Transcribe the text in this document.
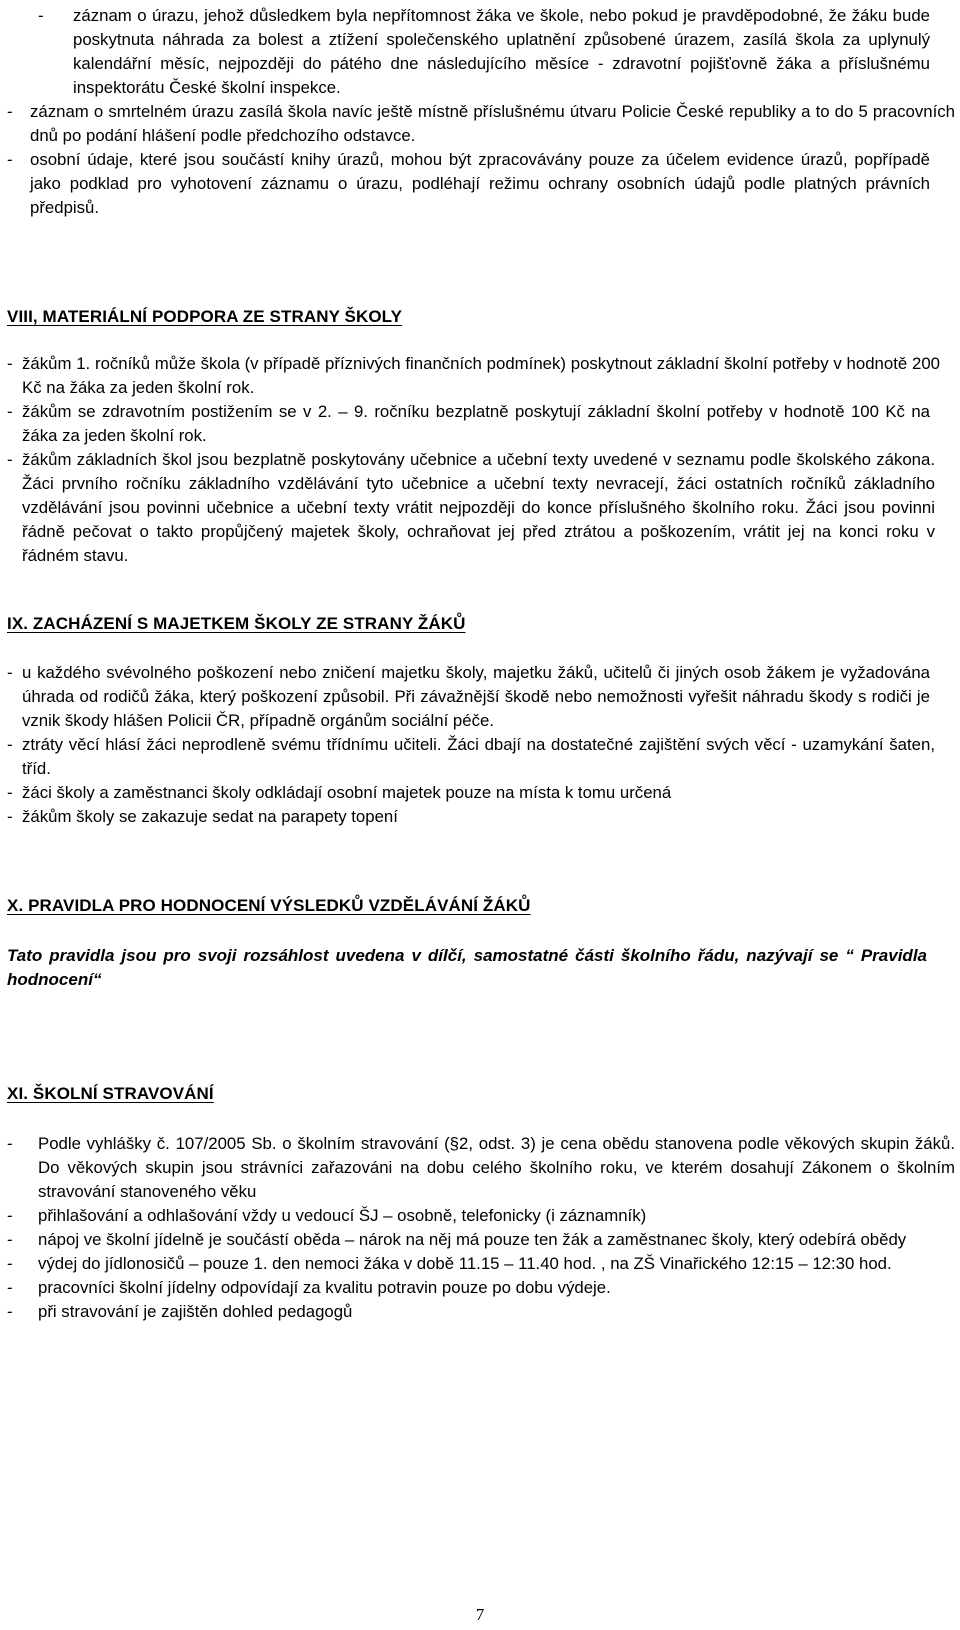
- záznam o úrazu, jehož důsledkem byla nepřítomnost žáka ve škole, nebo pokud je pravděpodobné, že žáku bude poskytnuta náhrada za bolest a ztížení společenského uplatnění způsobené úrazem, zasílá škola za uplynulý kalendářní měsíc, nejpozději do pátého dne následujícího měsíce - zdravotní pojišťovně žáka a příslušnému inspektorátu České školní inspekce.
- záznam o smrtelném úrazu zasílá škola navíc ještě místně příslušnému útvaru Policie České republiky a to do 5 pracovních dnů po podání hlášení podle předchozího odstavce.
- osobní údaje, které jsou součástí knihy úrazů, mohou být zpracovávány pouze za účelem evidence úrazů, popřípadě jako podklad pro vyhotovení záznamu o úrazu, podléhají režimu ochrany osobních údajů podle platných právních předpisů.
VIII, MATERIÁLNÍ PODPORA ZE STRANY ŠKOLY
- žákům 1. ročníků může škola (v případě příznivých finančních podmínek) poskytnout základní školní potřeby v hodnotě 200 Kč na žáka za jeden školní rok.
- žákům se zdravotním postižením se v 2. – 9. ročníku bezplatně poskytují základní školní potřeby v hodnotě 100 Kč na žáka za jeden školní rok.
- žákům základních škol jsou bezplatně poskytovány učebnice a učební texty uvedené v seznamu podle školského zákona. Žáci prvního ročníku základního vzdělávání tyto učebnice a učební texty nevracejí, žáci ostatních ročníků základního vzdělávání jsou povinni učebnice a učební texty vrátit nejpozději do konce příslušného školního roku. Žáci jsou povinni řádně pečovat o takto propůjčený majetek školy, ochraňovat jej před ztrátou a poškozením, vrátit jej na konci roku v řádném stavu.
IX. ZACHÁZENÍ S MAJETKEM ŠKOLY ZE STRANY ŽÁKŮ
- u každého svévolného poškození nebo zničení majetku školy, majetku žáků, učitelů či jiných osob žákem je vyžadována úhrada od rodičů žáka, který poškození způsobil. Při závažnější škodě nebo nemožnosti vyřešit náhradu škody s rodiči je vznik škody hlášen Policii ČR, případně orgánům sociální péče.
- ztráty věcí hlásí žáci neprodleně svému třídnímu učiteli. Žáci dbají na dostatečné zajištění svých věcí - uzamykání šaten, tříd.
- žáci školy a zaměstnanci školy odkládají osobní majetek pouze na místa k tomu určená
- žákům školy se zakazuje sedat na parapety topení
X. PRAVIDLA PRO HODNOCENÍ VÝSLEDKŮ VZDĚLÁVÁNÍ ŽÁKŮ
Tato pravidla jsou pro svoji rozsáhlost uvedena v dílčí, samostatné části školního řádu, nazývají se “ Pravidla hodnocení“
XI. ŠKOLNÍ STRAVOVÁNÍ
- Podle vyhlášky č. 107/2005 Sb. o školním stravování (§2, odst. 3) je cena obědu stanovena podle věkových skupin žáků. Do věkových skupin jsou strávníci zařazováni na dobu celého školního roku, ve kterém dosahují Zákonem o školním stravování stanoveného věku
- přihlašování a odhlašování vždy u vedoucí ŠJ – osobně, telefonicky (i záznamník)
- nápoj ve školní jídelně je součástí oběda – nárok na něj má pouze ten žák a zaměstnanec školy, který odebírá obědy
- výdej do jídlonosičů – pouze 1. den nemoci žáka v době 11.15 – 11.40 hod. , na ZŠ Vinařického 12:15 – 12:30 hod.
- pracovníci školní jídelny odpovídají za kvalitu potravin pouze po dobu výdeje.
- při stravování je zajištěn dohled pedagogů
7
